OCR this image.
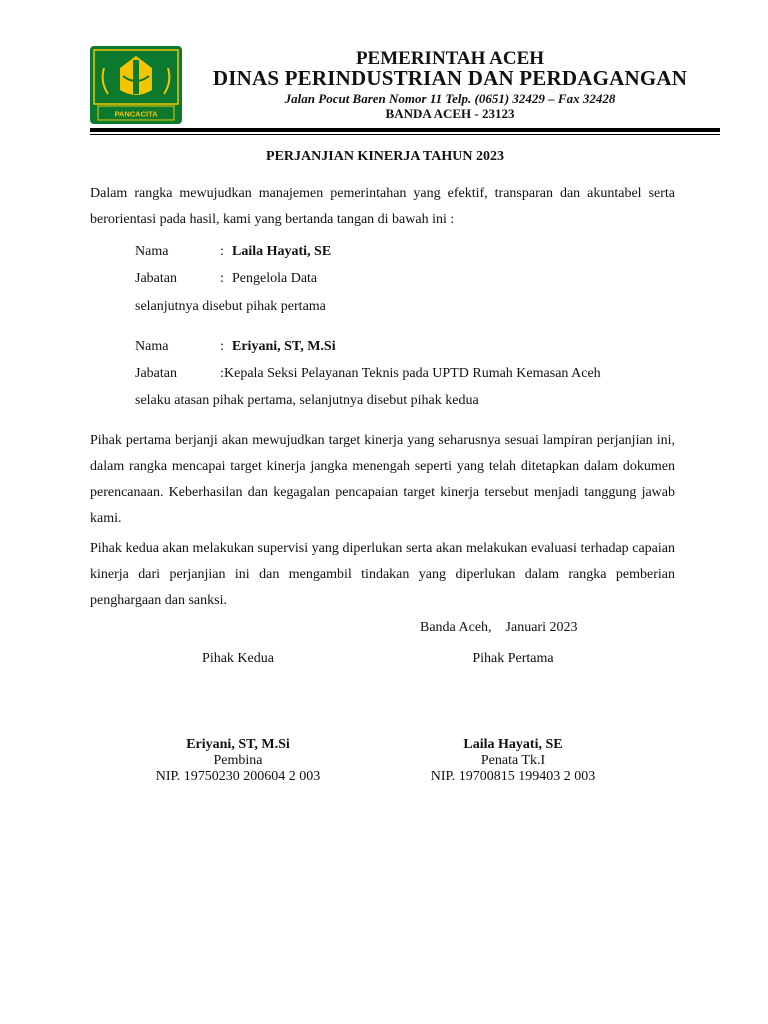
PANCACITA
PEMERINTAH ACEH
DINAS PERINDUSTRIAN DAN PERDAGANGAN
Jalan Pocut Baren Nomor 11 Telp. (0651) 32429 – Fax 32428
BANDA ACEH - 23123
PERJANJIAN KINERJA TAHUN 2023
Dalam rangka mewujudkan manajemen pemerintahan yang efektif, transparan dan akuntabel serta berorientasi pada hasil, kami yang bertanda tangan di bawah ini :
Nama	: Laila Hayati, SE
Jabatan	: Pengelola Data
selanjutnya disebut pihak pertama
Nama	: Eriyani, ST, M.Si
Jabatan	:Kepala Seksi Pelayanan Teknis pada UPTD Rumah Kemasan Aceh
selaku atasan pihak pertama, selanjutnya disebut pihak kedua
Pihak pertama berjanji akan mewujudkan target kinerja yang seharusnya sesuai lampiran perjanjian ini, dalam rangka mencapai target kinerja jangka menengah seperti yang telah ditetapkan dalam dokumen perencanaan. Keberhasilan dan kegagalan pencapaian target kinerja tersebut menjadi tanggung jawab kami.
Pihak kedua akan melakukan supervisi yang diperlukan serta akan melakukan evaluasi terhadap capaian kinerja dari perjanjian ini dan mengambil tindakan yang diperlukan dalam rangka pemberian penghargaan dan sanksi.
Banda Aceh,    Januari 2023
Pihak Kedua	Pihak Pertama
Eriyani, ST, M.Si
Pembina
NIP. 19750230 200604 2 003
Laila Hayati, SE
Penata Tk.I
NIP. 19700815 199403 2 003
